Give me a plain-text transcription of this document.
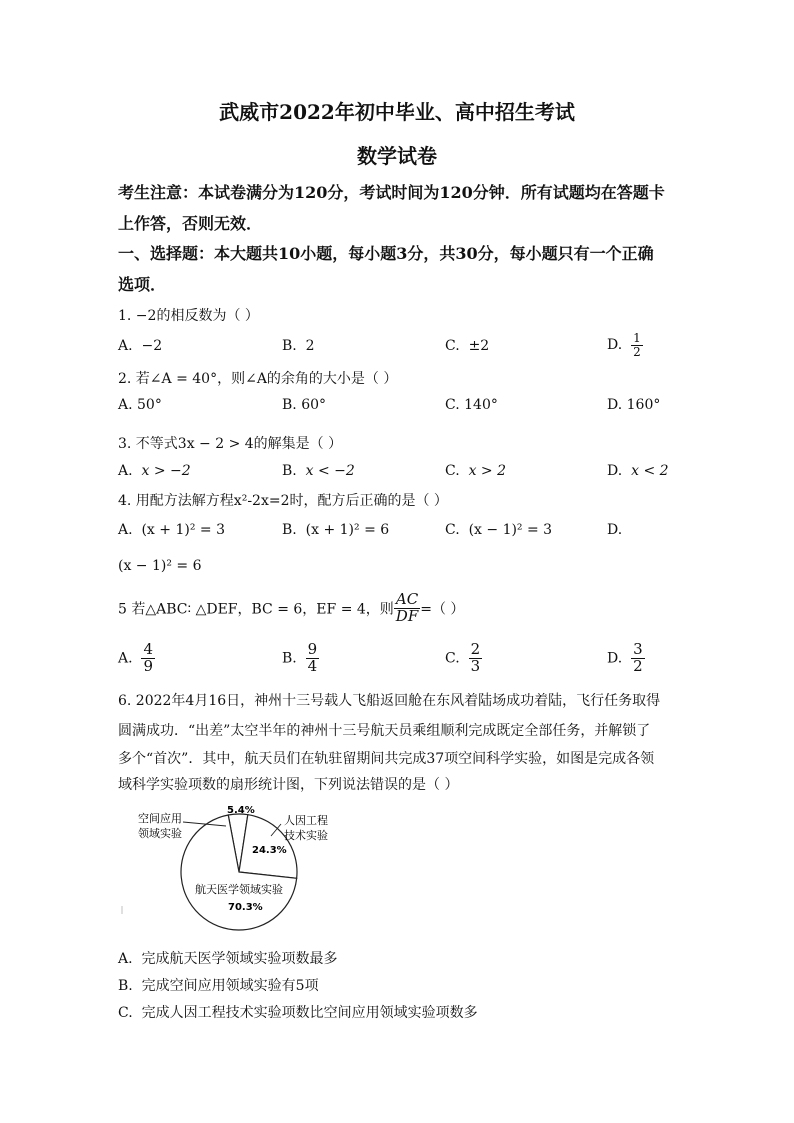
武威市2022年初中毕业、高中招生考试
数学试卷
考生注意：本试卷满分为120分，考试时间为120分钟．所有试题均在答题卡
上作答，否则无效．
一、选择题：本大题共10小题，每小题3分，共30分，每小题只有一个正确
选项．
1. −2的相反数为（ ）
A. −2	B. 2	C. ±2	D. $\frac{1}{2}$
2. 若∠A = 40°，则∠A的余角的大小是（ ）
A. 50°	B. 60°	C. 140°	D. 160°
3. 不等式3x − 2 > 4的解集是（ ）
A. x > −2	B. x < −2	C. x > 2	D. x < 2
4. 用配方法解方程x²-2x=2时，配方后正确的是（ ）
A. (x + 1)² = 3	B. (x + 1)² = 6	C. (x − 1)² = 3	D.
(x − 1)² = 6
5 若△ABC∶ △DEF，BC = 6，EF = 4，则 $\frac{AC}{DF}$ =（ ）
A. $\frac{4}{9}$	B. $\frac{9}{4}$	C. $\frac{2}{3}$	D. $\frac{3}{2}$
6. 2022年4月16日，神州十三号载人飞船返回舱在东风着陆场成功着陆，飞行任务取得
圆满成功．“出差”太空半年的神州十三号航天员乘组顺利完成既定全部任务，并解锁了
多个“首次”．其中，航天员们在轨驻留期间共完成37项空间科学实验，如图是完成各领
域科学实验项数的扇形统计图，下列说法错误的是（ ）
空间应用
领域实验
人因工程
技术实验
航天医学领域实验
5.4%
24.3%
70.3%
A. 完成航天医学领域实验项数最多
B. 完成空间应用领域实验有5项
C. 完成人因工程技术实验项数比空间应用领域实验项数多
